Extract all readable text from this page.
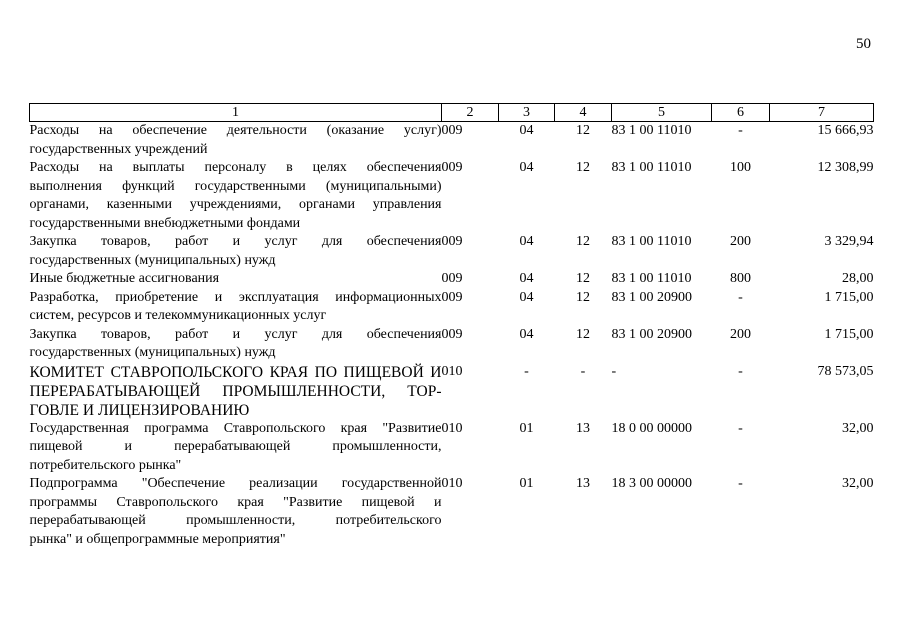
50
1	2	3	4	5	6	7

Расходы на обеспечение деятельности (оказание услуг)
государственных учреждений	009	04	12	83 1 00 11010	-	15 666,93

Расходы на выплаты персоналу в целях обеспечения
выполнения функций государственными (муниципальными)
органами, казенными учреждениями, органами управления
государственными внебюджетными фондами	009	04	12	83 1 00 11010	100	12 308,99

Закупка товаров, работ и услуг для обеспечения
государственных (муниципальных) нужд	009	04	12	83 1 00 11010	200	3 329,94

Иные бюджетные ассигнования	009	04	12	83 1 00 11010	800	28,00

Разработка, приобретение и эксплуатация информационных
систем, ресурсов и телекоммуникационных услуг	009	04	12	83 1 00 20900	-	1 715,00

Закупка товаров, работ и услуг для обеспечения
государственных (муниципальных) нужд	009	04	12	83 1 00 20900	200	1 715,00

КОМИТЕТ СТАВРОПОЛЬСКОГО КРАЯ ПО ПИЩЕВОЙ И
ПЕРЕРАБАТЫВАЮЩЕЙ ПРОМЫШЛЕННОСТИ, ТОР-
ГОВЛЕ И ЛИЦЕНЗИРОВАНИЮ	010	-	-	-	-	78 573,05

Государственная программа Ставропольского края "Развитие
пищевой и перерабатывающей промышленности,
потребительского рынка"	010	01	13	18 0 00 00000	-	32,00

Подпрограмма "Обеспечение реализации государственной
программы Ставропольского края "Развитие пищевой и
перерабатывающей промышленности, потребительского
рынка" и общепрограммные мероприятия"	010	01	13	18 3 00 00000	-	32,00
